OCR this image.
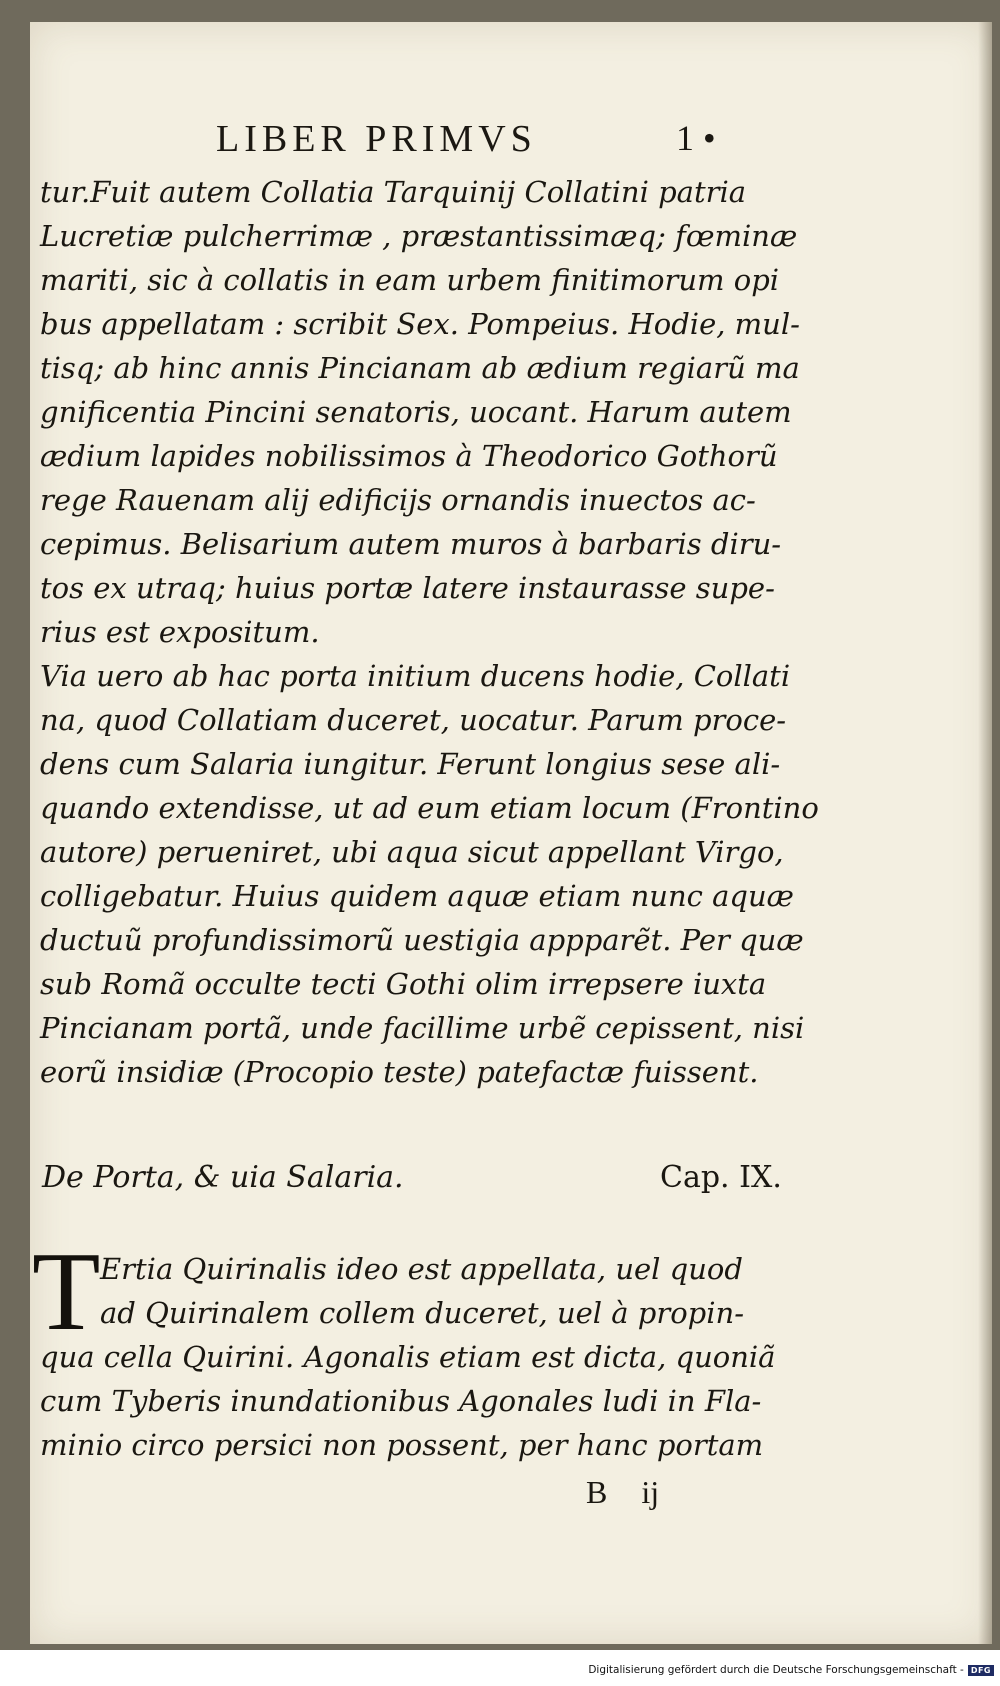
LIBER PRIMVS	1 •
tur.Fuit autem Collatia Tarquinij Collatini patria
Lucretiæ pulcherrimæ , præstantissimæq; fœminæ
mariti, sic à collatis in eam urbem finitimorum opi
bus appellatam : scribit Sex. Pompeius. Hodie, mul-
tisq; ab hinc annis Pincianam ab ædium regiarũ ma
gnificentia Pincini senatoris, uocant. Harum autem
ædium lapides nobilissimos à Theodorico Gothorũ
rege Rauenam alij edificijs ornandis inuectos ac-
cepimus. Belisarium autem muros à barbaris diru-
tos ex utraq; huius portæ latere instaurasse supe-
rius est expositum.
Via uero ab hac porta initium ducens hodie, Collati
na, quod Collatiam duceret, uocatur. Parum proce-
dens cum Salaria iungitur. Ferunt longius sese ali-
quando extendisse, ut ad eum etiam locum (Frontino
autore) perueniret, ubi aqua sicut appellant Virgo,
colligebatur. Huius quidem aquæ etiam nunc aquæ
ductuũ profundissimorũ uestigia appparẽt. Per quæ
sub Romã occulte tecti Gothi olim irrepsere iuxta
Pincianam portã, unde facillime urbẽ cepissent, nisi
eorũ insidiæ (Procopio teste) patefactæ fuissent.
De Porta, & uia Salaria.	Cap. IX.
T Ertia Quirinalis ideo est appellata, uel quod
ad Quirinalem collem duceret, uel à propin-
qua cella Quirini. Agonalis etiam est dicta, quoniã
cum Tyberis inundationibus Agonales ludi in Fla-
minio circo persici non possent, per hanc portam
B ij
Digitalisierung gefördert durch die Deutsche Forschungsgemeinschaft - DFG
